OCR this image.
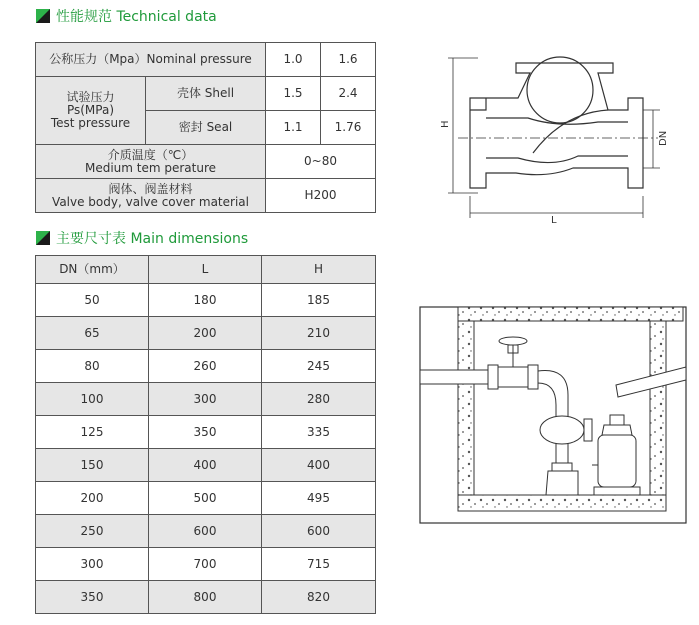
性能规范 Technical data
公称压力（Mpa）Nominal pressure		1.0	1.6

试验压力
Ps(MPa)
Test pressure	壳体 Shell	1.5	2.4
	密封 Seal	1.1	1.76

介质温度（℃）
Medium tem perature		0~80	

阀体、阀盖材料
Valve body, valve cover material		H200	
主要尺寸表 Main dimensions
DN（mm）	L	H
50	180	185
65	200	210
80	260	245
100	300	280
125	350	335
150	400	400
200	500	495
250	600	600
300	700	715
350	800	820
H
DN
L
